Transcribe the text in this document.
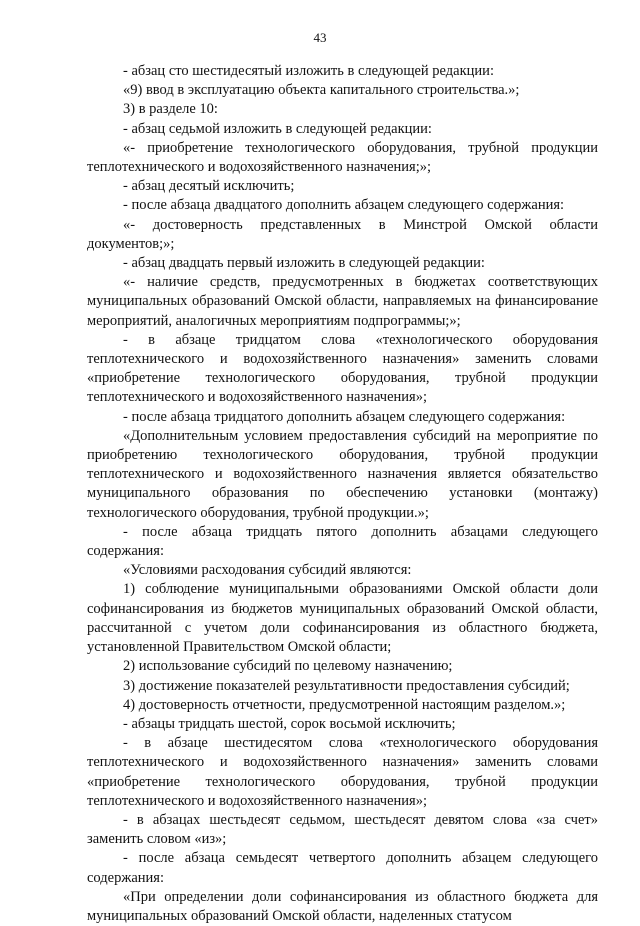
43

- абзац сто шестидесятый изложить в следующей редакции:

«9) ввод в эксплуатацию объекта капитального строительства.»;

3) в разделе 10:

- абзац седьмой изложить в следующей редакции:

«- приобретение технологического оборудования, трубной продукции теплотехнического и водохозяйственного назначения;»;

- абзац десятый исключить;

- после абзаца двадцатого дополнить абзацем следующего содержания:

«- достоверность представленных в Минстрой Омской области документов;»;

- абзац двадцать первый изложить в следующей редакции:

«- наличие средств, предусмотренных в бюджетах соответствующих муниципальных образований Омской области, направляемых на финансирование мероприятий, аналогичных мероприятиям подпрограммы;»;

- в абзаце тридцатом слова «технологического оборудования теплотехнического и водохозяйственного назначения» заменить словами «приобретение технологического оборудования, трубной продукции теплотехнического и водохозяйственного назначения»;

- после абзаца тридцатого дополнить абзацем следующего содержания:

«Дополнительным условием предоставления субсидий на мероприятие по приобретению технологического оборудования, трубной продукции теплотехнического и водохозяйственного назначения является обязательство муниципального образования по обеспечению установки (монтажу) технологического оборудования, трубной продукции.»;

- после абзаца тридцать пятого дополнить абзацами следующего содержания:

«Условиями расходования субсидий являются:

1) соблюдение муниципальными образованиями Омской области доли софинансирования из бюджетов муниципальных образований Омской области, рассчитанной с учетом доли софинансирования из областного бюджета, установленной Правительством Омской области;

2) использование субсидий по целевому назначению;

3) достижение показателей результативности предоставления субсидий;

4) достоверность отчетности, предусмотренной настоящим разделом.»;

- абзацы тридцать шестой, сорок восьмой исключить;

- в абзаце шестидесятом слова «технологического оборудования теплотехнического и водохозяйственного назначения» заменить словами «приобретение технологического оборудования, трубной продукции теплотехнического и водохозяйственного назначения»;

- в абзацах шестьдесят седьмом, шестьдесят девятом слова «за счет» заменить словом «из»;

- после абзаца семьдесят четвертого дополнить абзацем следующего содержания:

«При определении доли софинансирования из областного бюджета для муниципальных образований Омской области, наделенных статусом
